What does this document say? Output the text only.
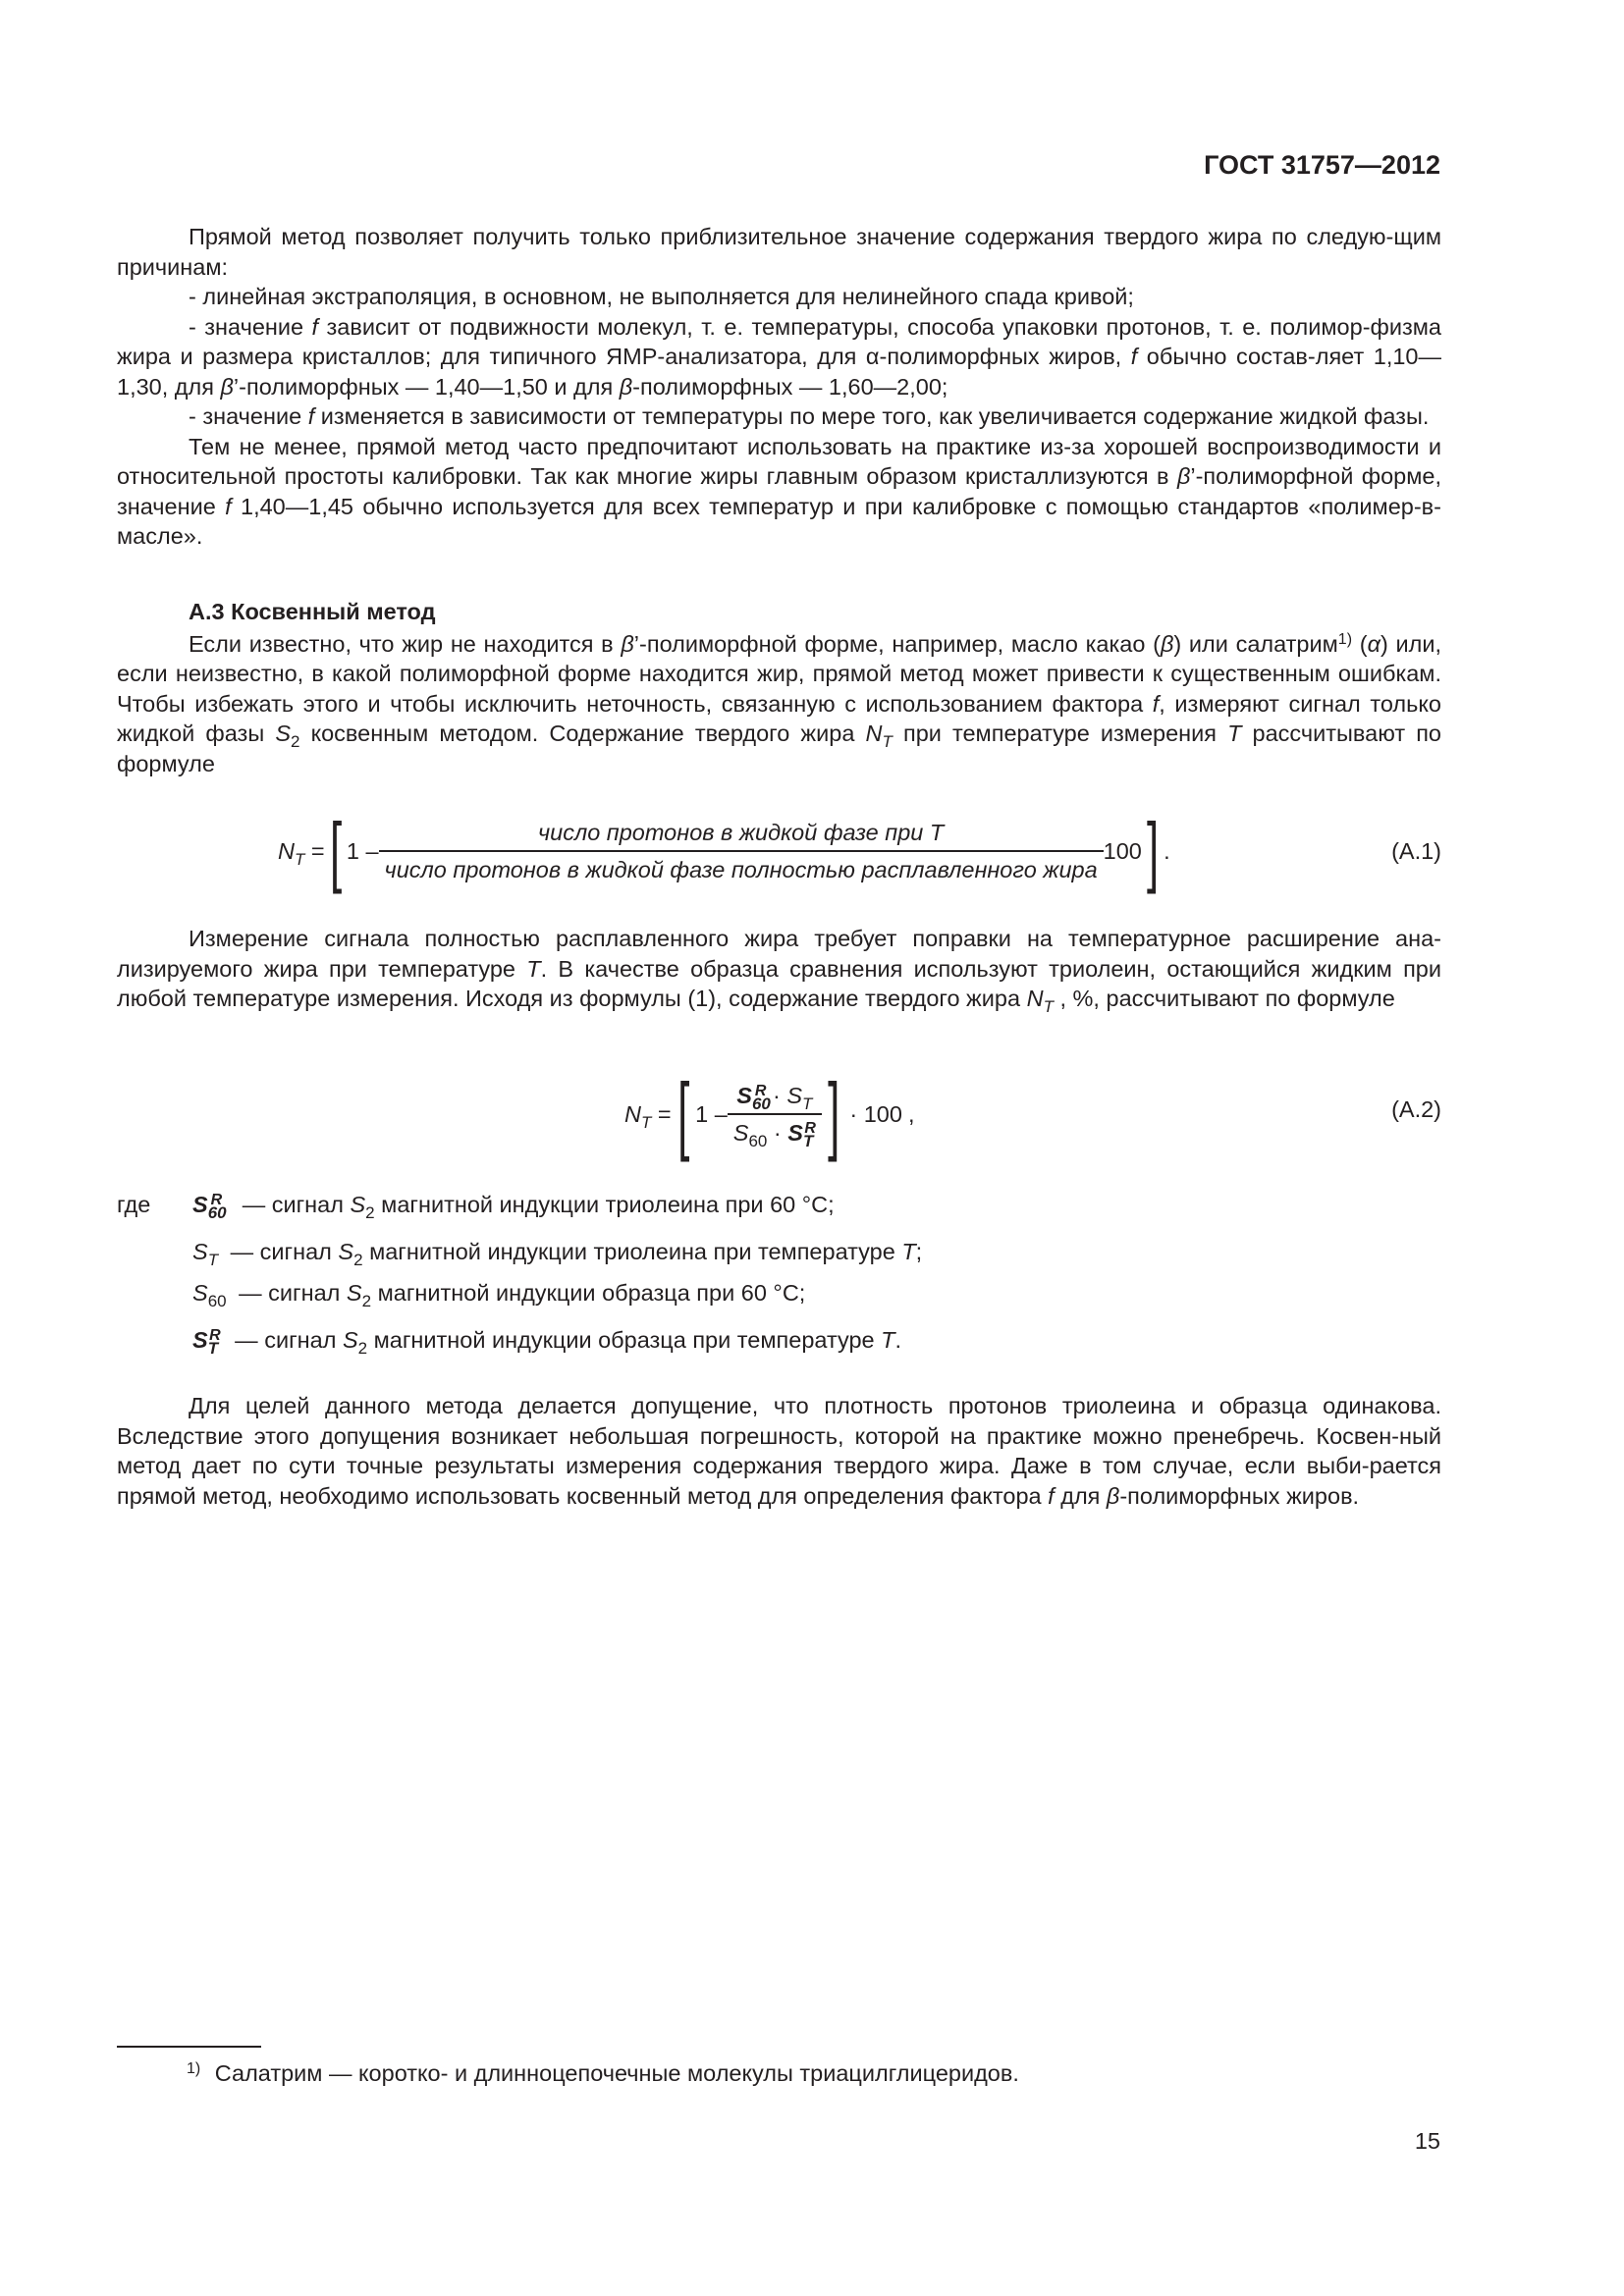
ГОСТ 31757—2012

Прямой метод позволяет получить только приблизительное значение содержания твердого жира по следую-щим причинам:

- линейная экстраполяция, в основном, не выполняется для нелинейного спада кривой;

- значение f зависит от подвижности молекул, т. е. температуры, способа упаковки протонов, т. е. полимор-физма жира и размера кристаллов; для типичного ЯМР-анализатора, для α-полиморфных жиров, f обычно состав-ляет 1,10—1,30, для β’-полиморфных — 1,40—1,50 и для β-полиморфных — 1,60—2,00;

- значение f изменяется в зависимости от температуры по мере того, как увеличивается содержание жидкой фазы.

Тем не менее, прямой метод часто предпочитают использовать на практике из-за хорошей воспроизводимости и относительной простоты калибровки. Так как многие жиры главным образом кристаллизуются в β’-полиморфной форме, значение f 1,40—1,45 обычно используется для всех температур и при калибровке с помощью стандартов «полимер-в-масле».

А.3 Косвенный метод

Если известно, что жир не находится в β’-полиморфной форме, например, масло какао (β) или салатрим$^{1)}$ (α) или, если неизвестно, в какой полиморфной форме находится жир, прямой метод может привести к существенным ошибкам. Чтобы избежать этого и чтобы исключить неточность, связанную с использованием фактора f, измеряют сигнал только жидкой фазы $S_2$ косвенным методом. Содержание твердого жира $N_T$ при температуре измерения T рассчитывают по формуле

$N_T$ = [ $1 - \frac{\text{число протонов в жидкой фазе при T}}{\text{число протонов в жидкой фазе полностью расплавленного жира}} 100$ ] .	(А.1)

Измерение сигнала полностью расплавленного жира требует поправки на температурное расширение ана-лизируемого жира при температуре T. В качестве образца сравнения используют триолеин, остающийся жидким при любой температуре измерения. Исходя из формулы (1), содержание твердого жира $N_T$ , %, рассчитывают по формуле

$N_T$ = [ $1 - \frac{S_{60}^R \cdot S_T}{S_{60} \cdot S_T^R}$ ] · 100 ,	(А.2)
где $S_{60}^R$ — сигнал $S_2$ магнитной индукции триолеина при 60 °С;
$S_T$ — сигнал $S_2$ магнитной индукции триолеина при температуре T;
$S_{60}$ — сигнал $S_2$ магнитной индукции образца при 60 °С;
$S_T^R$ — сигнал $S_2$ магнитной индукции образца при температуре T.

Для целей данного метода делается допущение, что плотность протонов триолеина и образца одинакова. Вследствие этого допущения возникает небольшая погрешность, которой на практике можно пренебречь. Косвен-ный метод дает по сути точные результаты измерения содержания твердого жира. Даже в том случае, если выби-рается прямой метод, необходимо использовать косвенный метод для определения фактора f для β-полиморфных жиров.

$^{1)}$ Салатрим — коротко- и длинноцепочечные молекулы триацилглицеридов.
15
